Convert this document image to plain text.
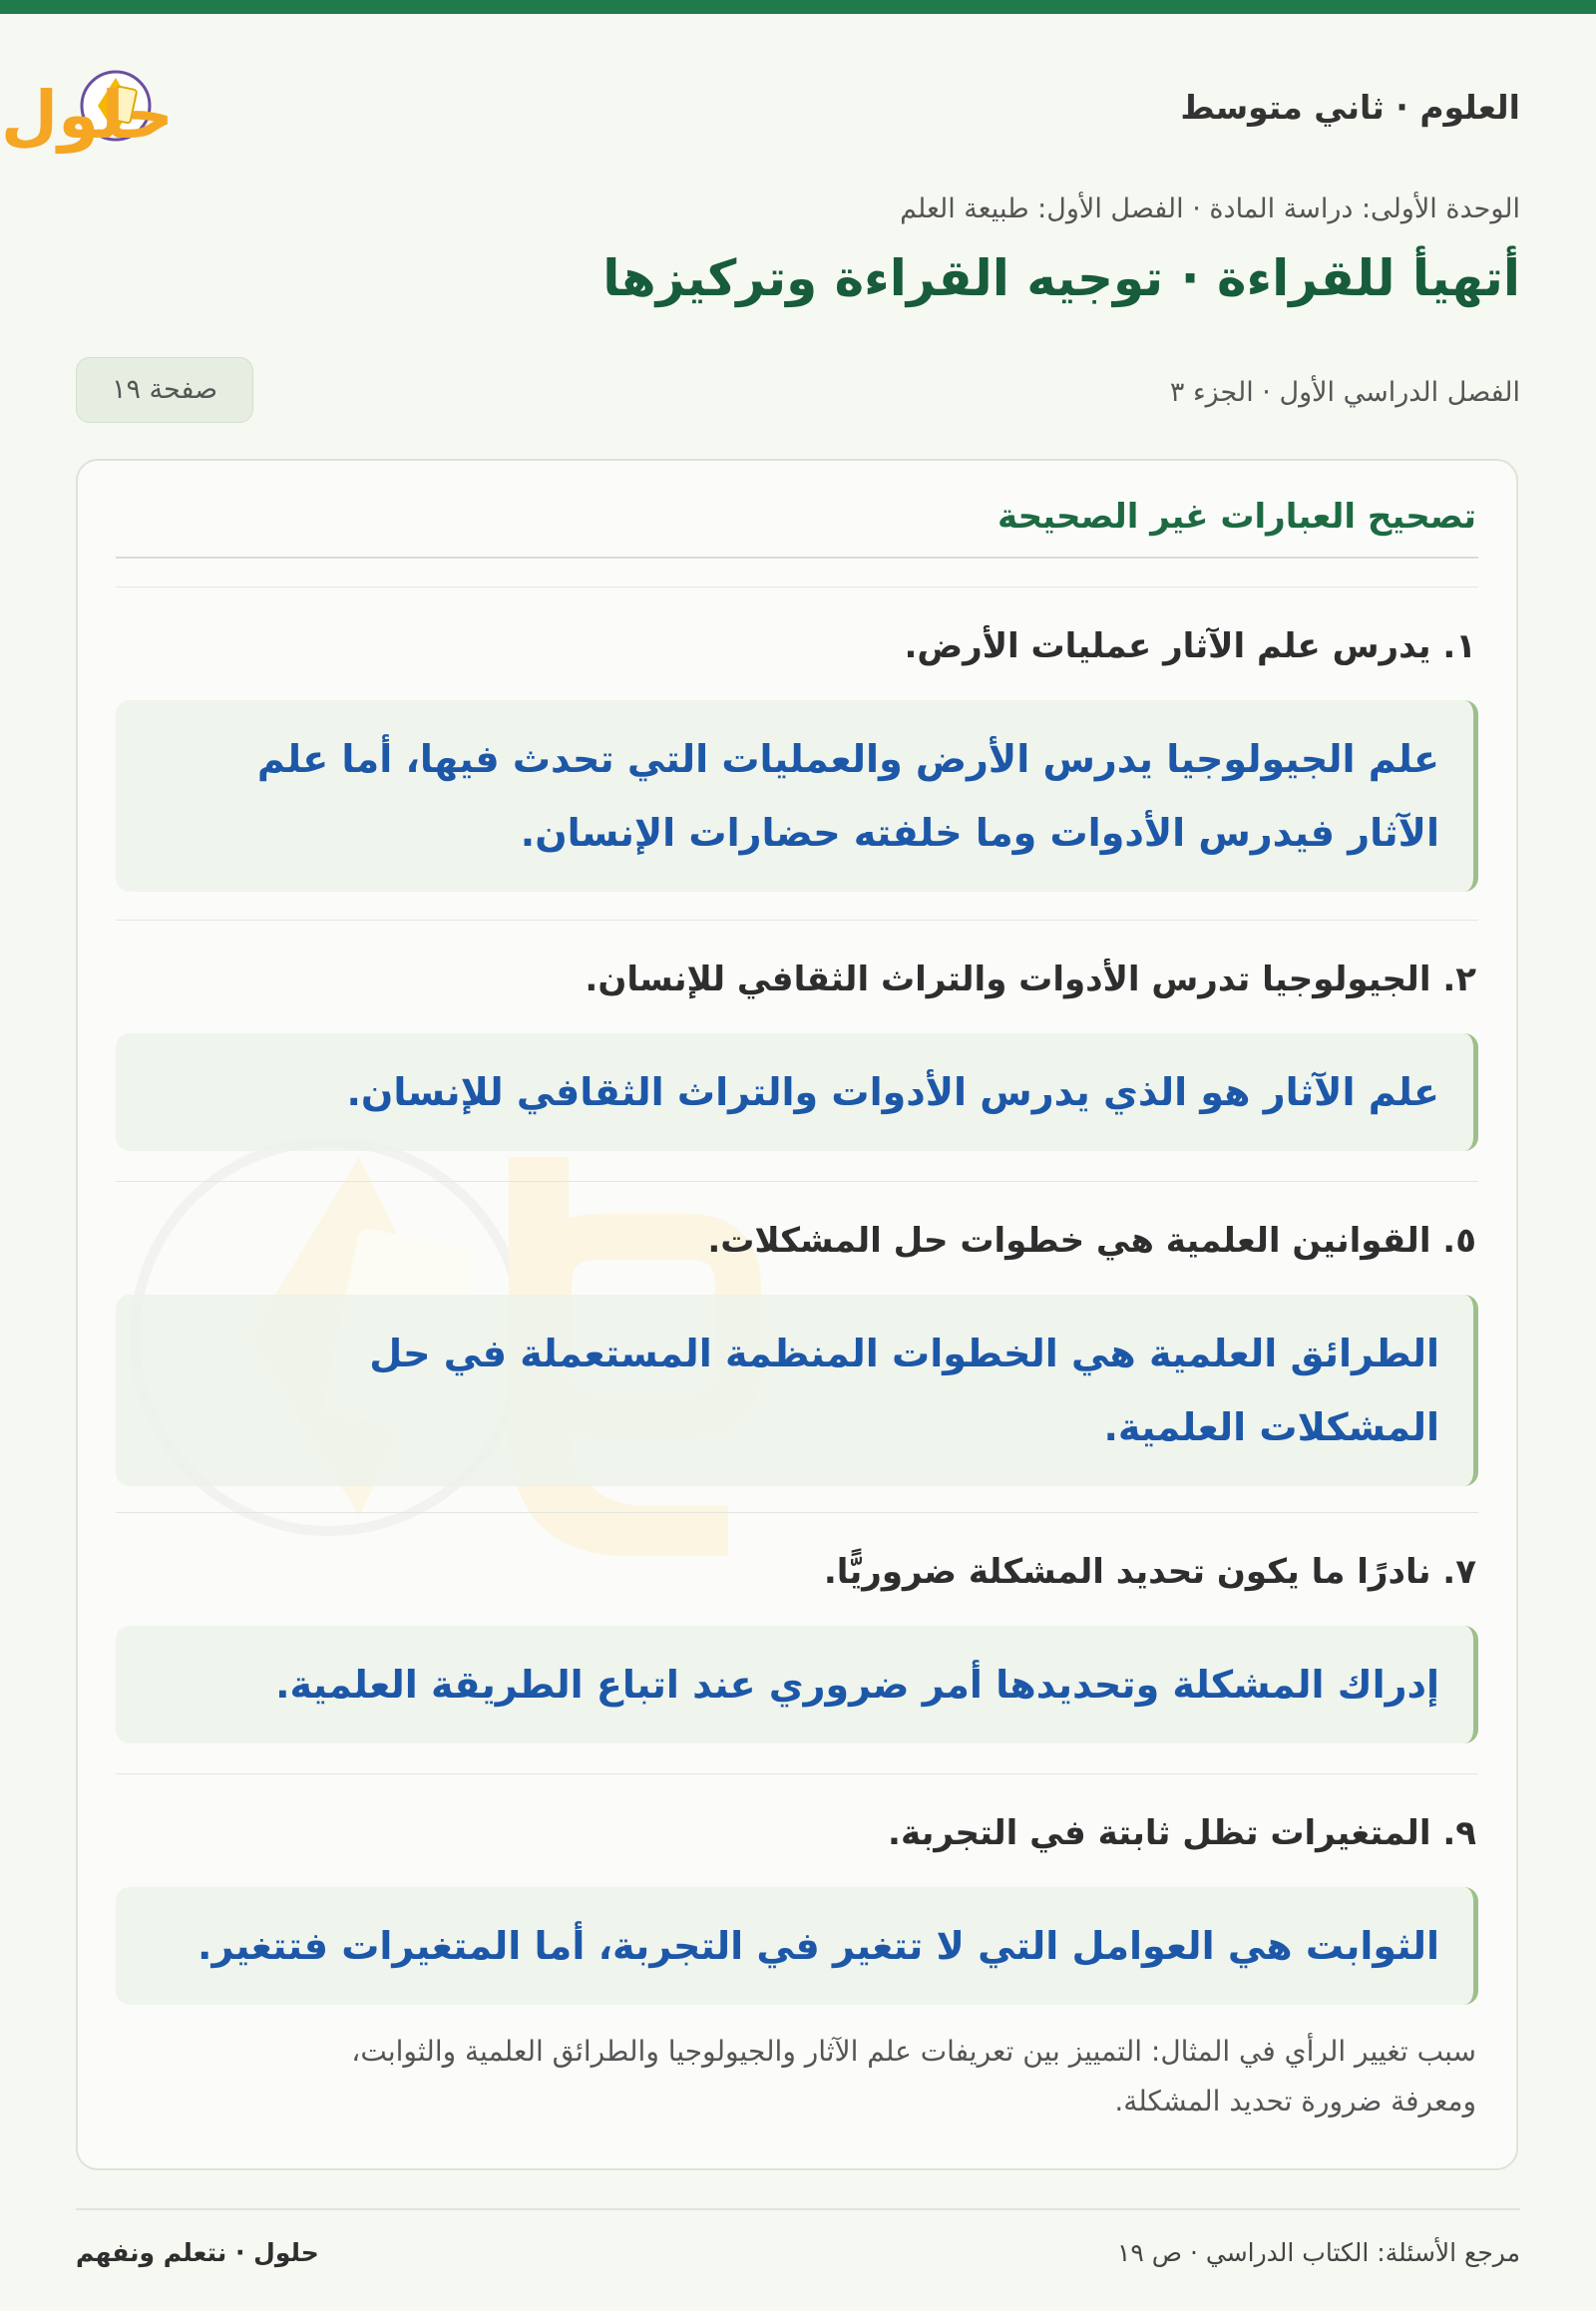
العلوم · ثاني متوسط
حلول
الوحدة الأولى: دراسة المادة · الفصل الأول: طبيعة العلم
أتهيأ للقراءة · توجيه القراءة وتركيزها
الفصل الدراسي الأول · الجزء ٣
صفحة ١٩
تصحيح العبارات غير الصحيحة
١. يدرس علم الآثار عمليات الأرض.
علم الجيولوجيا يدرس الأرض والعمليات التي تحدث فيها، أما علم
الآثار فيدرس الأدوات وما خلفته حضارات الإنسان.
٢. الجيولوجيا تدرس الأدوات والتراث الثقافي للإنسان.
علم الآثار هو الذي يدرس الأدوات والتراث الثقافي للإنسان.
٥. القوانين العلمية هي خطوات حل المشكلات.
الطرائق العلمية هي الخطوات المنظمة المستعملة في حل
المشكلات العلمية.
٧. نادرًا ما يكون تحديد المشكلة ضروريًّا.
إدراك المشكلة وتحديدها أمر ضروري عند اتباع الطريقة العلمية.
٩. المتغيرات تظل ثابتة في التجربة.
الثوابت هي العوامل التي لا تتغير في التجربة، أما المتغيرات فتتغير.
سبب تغيير الرأي في المثال: التمييز بين تعريفات علم الآثار والجيولوجيا والطرائق العلمية والثوابت،
ومعرفة ضرورة تحديد المشكلة.
مرجع الأسئلة: الكتاب الدراسي · ص ١٩
حلول · نتعلم ونفهم
